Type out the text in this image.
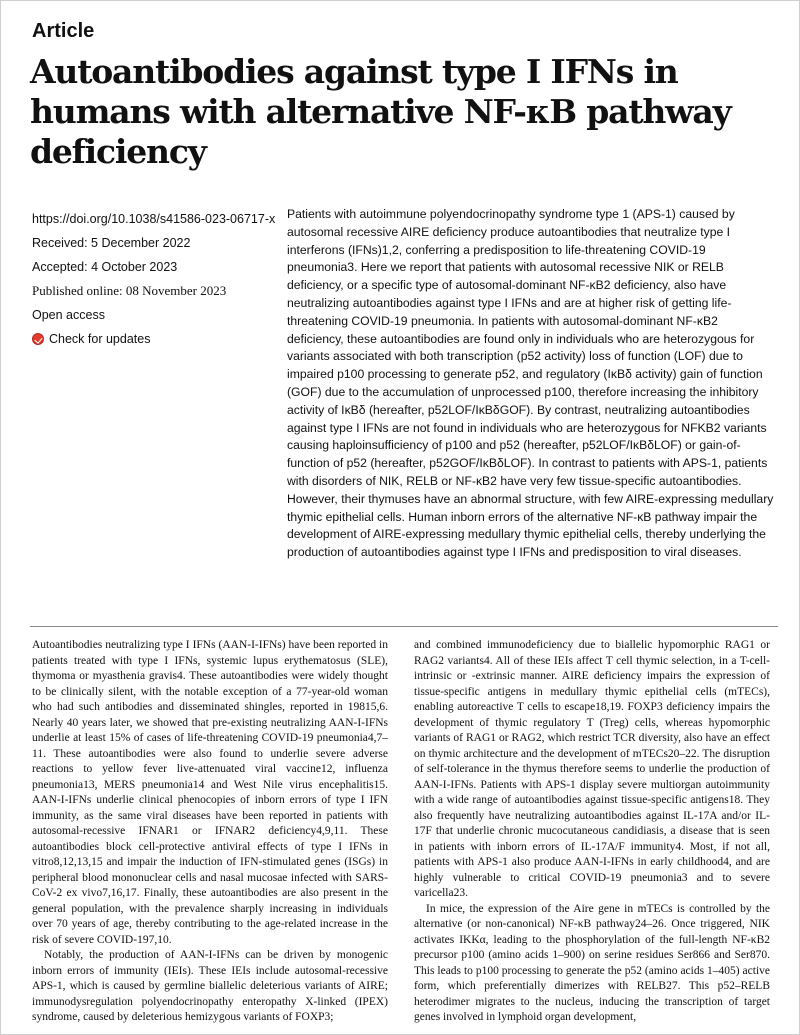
Article
Autoantibodies against type I IFNs in humans with alternative NF-κB pathway deficiency
https://doi.org/10.1038/s41586-023-06717-x
Received: 5 December 2022
Accepted: 4 October 2023
Published online: 08 November 2023
Open access
Check for updates

Patients with autoimmune polyendocrinopathy syndrome type 1 (APS-1) caused by autosomal recessive AIRE deficiency produce autoantibodies that neutralize type I interferons (IFNs)1,2, conferring a predisposition to life-threatening COVID-19 pneumonia3. Here we report that patients with autosomal recessive NIK or RELB deficiency, or a specific type of autosomal-dominant NF-κB2 deficiency, also have neutralizing autoantibodies against type I IFNs and are at higher risk of getting life-threatening COVID-19 pneumonia. In patients with autosomal-dominant NF-κB2 deficiency, these autoantibodies are found only in individuals who are heterozygous for variants associated with both transcription (p52 activity) loss of function (LOF) due to impaired p100 processing to generate p52, and regulatory (IκBδ activity) gain of function (GOF) due to the accumulation of unprocessed p100, therefore increasing the inhibitory activity of IκBδ (hereafter, p52LOF/IκBδGOF). By contrast, neutralizing autoantibodies against type I IFNs are not found in individuals who are heterozygous for NFKB2 variants causing haploinsufficiency of p100 and p52 (hereafter, p52LOF/IκBδLOF) or gain-of-function of p52 (hereafter, p52GOF/IκBδLOF). In contrast to patients with APS-1, patients with disorders of NIK, RELB or NF-κB2 have very few tissue-specific autoantibodies. However, their thymuses have an abnormal structure, with few AIRE-expressing medullary thymic epithelial cells. Human inborn errors of the alternative NF-κB pathway impair the development of AIRE-expressing medullary thymic epithelial cells, thereby underlying the production of autoantibodies against type I IFNs and predisposition to viral diseases.

Autoantibodies neutralizing type I IFNs (AAN-I-IFNs) have been reported in patients treated with type I IFNs, systemic lupus erythematosus (SLE), thymoma or myasthenia gravis4. These autoantibodies were widely thought to be clinically silent, with the notable exception of a 77-year-old woman who had such antibodies and disseminated shingles, reported in 19815,6. Nearly 40 years later, we showed that pre-existing neutralizing AAN-I-IFNs underlie at least 15% of cases of life-threatening COVID-19 pneumonia4,7–11. These autoantibodies were also found to underlie severe adverse reactions to yellow fever live-attenuated viral vaccine12, influenza pneumonia13, MERS pneumonia14 and West Nile virus encephalitis15. AAN-I-IFNs underlie clinical phenocopies of inborn errors of type I IFN immunity, as the same viral diseases have been reported in patients with autosomal-recessive IFNAR1 or IFNAR2 deficiency4,9,11. These autoantibodies block cell-protective antiviral effects of type I IFNs in vitro8,12,13,15 and impair the induction of IFN-stimulated genes (ISGs) in peripheral blood mononuclear cells and nasal mucosae infected with SARS-CoV-2 ex vivo7,16,17. Finally, these autoantibodies are also present in the general population, with the prevalence sharply increasing in individuals over 70 years of age, thereby contributing to the age-related increase in the risk of severe COVID-197,10.

Notably, the production of AAN-I-IFNs can be driven by monogenic inborn errors of immunity (IEIs). These IEIs include autosomal-recessive APS-1, which is caused by germline biallelic deleterious variants of AIRE; immunodysregulation polyendocrinopathy enteropathy X-linked (IPEX) syndrome, caused by deleterious hemizygous variants of FOXP3;

and combined immunodeficiency due to biallelic hypomorphic RAG1 or RAG2 variants4. All of these IEIs affect T cell thymic selection, in a T-cell-intrinsic or -extrinsic manner. AIRE deficiency impairs the expression of tissue-specific antigens in medullary thymic epithelial cells (mTECs), enabling autoreactive T cells to escape18,19. FOXP3 deficiency impairs the development of thymic regulatory T (Treg) cells, whereas hypomorphic variants of RAG1 or RAG2, which restrict TCR diversity, also have an effect on thymic architecture and the development of mTECs20–22. The disruption of self-tolerance in the thymus therefore seems to underlie the production of AAN-I-IFNs. Patients with APS-1 display severe multiorgan autoimmunity with a wide range of autoantibodies against tissue-specific antigens18. They also frequently have neutralizing autoantibodies against IL-17A and/or IL-17F that underlie chronic mucocutaneous candidiasis, a disease that is seen in patients with inborn errors of IL-17A/F immunity4. Most, if not all, patients with APS-1 also produce AAN-I-IFNs in early childhood4, and are highly vulnerable to critical COVID-19 pneumonia3 and to severe varicella23.

In mice, the expression of the Aire gene in mTECs is controlled by the alternative (or non-canonical) NF-κB pathway24–26. Once triggered, NIK activates IKKα, leading to the phosphorylation of the full-length NF-κB2 precursor p100 (amino acids 1–900) on serine residues Ser866 and Ser870. This leads to p100 processing to generate the p52 (amino acids 1–405) active form, which preferentially dimerizes with RELB27. This p52–RELB heterodimer migrates to the nucleus, inducing the transcription of target genes involved in lymphoid organ development,
